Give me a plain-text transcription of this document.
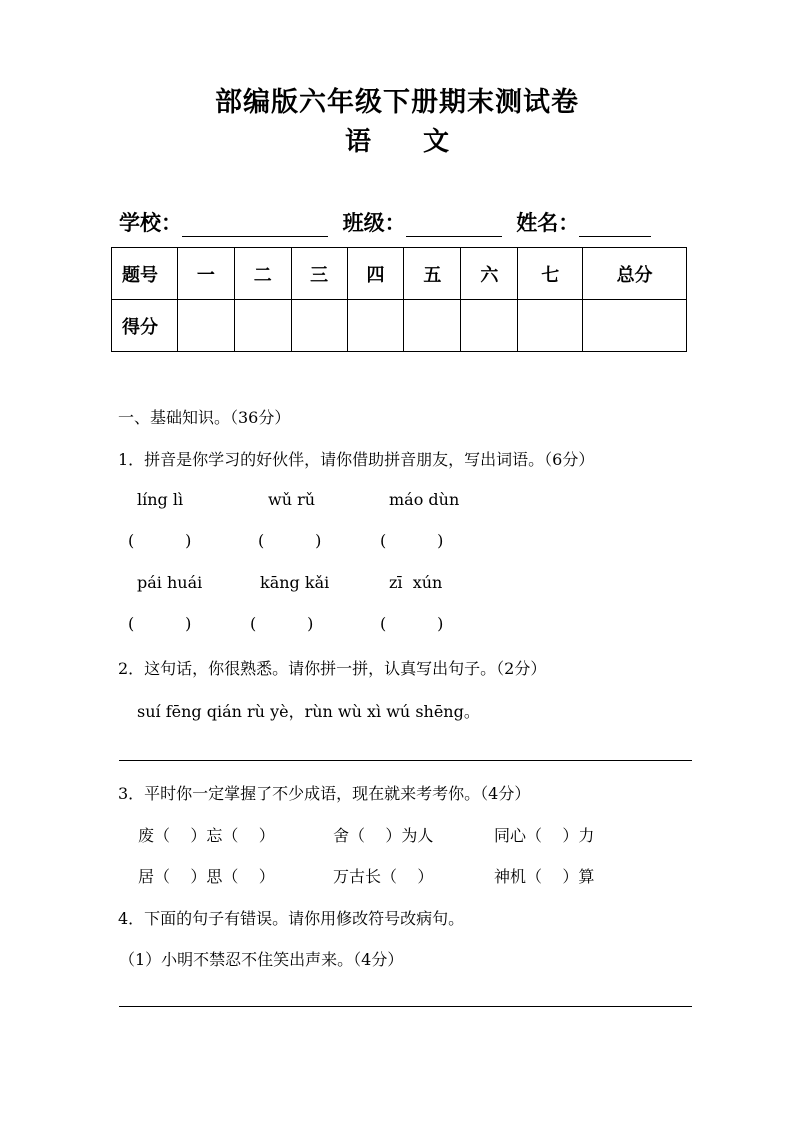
部编版六年级下册期末测试卷
语　　文
学校：	班级：	姓名：
题号	一	二	三	四	五	六	七	总分
得分								
一、基础知识。（36分）
1．拼音是你学习的好伙伴，请你借助拼音朋友，写出词语。（6分）
líng lì	wǔ rǔ	máo dùn
(          )	(          )	(          )
pái huái	kāng kǎi	zī  xún
(          )	(          )	(          )
2．这句话，你很熟悉。请你拼一拼，认真写出句子。（2分）
suí fēng qián rù yè，rùn wù xì wú shēng。
3．平时你一定掌握了不少成语，现在就来考考你。（4分）
废（    ）忘（    ）	舍（    ）为人	同心（    ）力
居（    ）思（    ）	万古长（    ）	神机（    ）算
4．下面的句子有错误。请你用修改符号改病句。
（1）小明不禁忍不住笑出声来。（4分）
